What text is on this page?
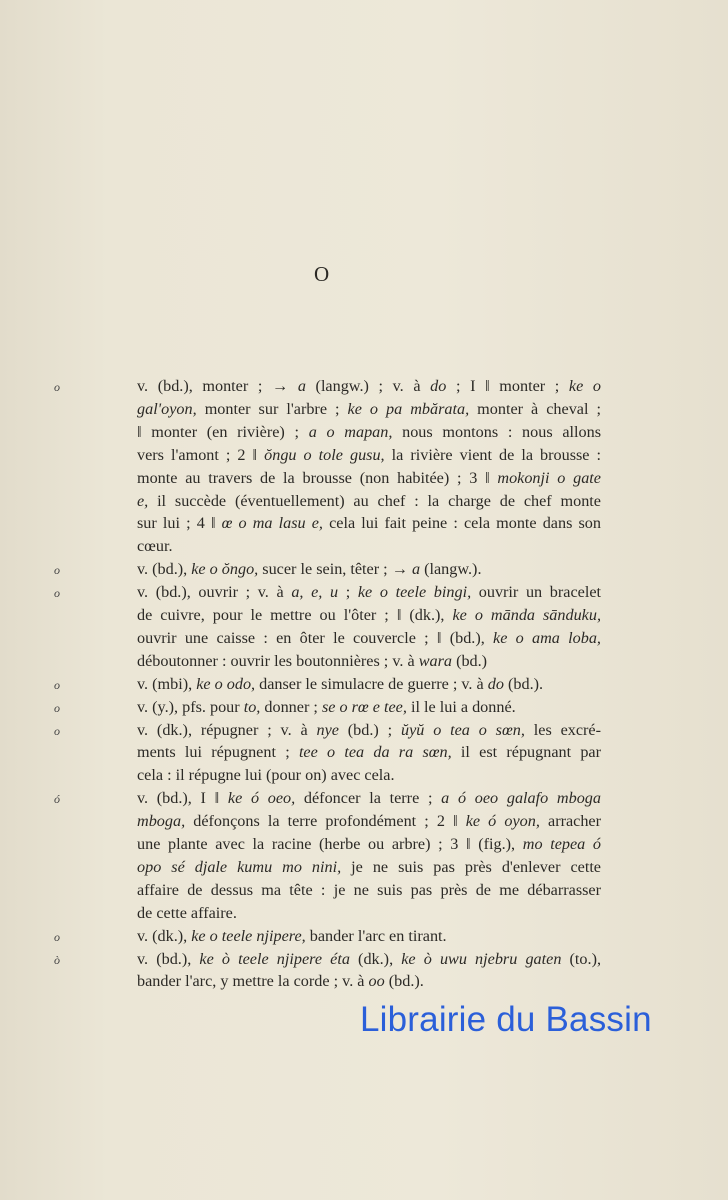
O
o	v. (bd.), monter ; → a (langw.) ; v. à do ; I ‖ monter ; ke o
gal'oyon, monter sur l'arbre ; ke o pa mbărata, monter à cheval ;
‖ monter (en rivière) ; a o mapan, nous montons : nous allons
vers l'amont ; 2 ‖ ŏngu o tole gusu, la rivière vient de la brousse :
monte au travers de la brousse (non habitée) ; 3 ‖ mokonji o gate
e, il succède (éventuellement) au chef : la charge de chef monte
sur lui ; 4 ‖ œ o ma lasu e, cela lui fait peine : cela monte dans son
cœur.
o	v. (bd.), ke o ŏngo, sucer le sein, têter ; → a (langw.).
o	v. (bd.), ouvrir ; v. à a, e, u ; ke o teele bingi, ouvrir un bracelet
de cuivre, pour le mettre ou l'ôter ; ‖ (dk.), ke o mānda sānduku,
ouvrir une caisse : en ôter le couvercle ; ‖ (bd.), ke o ama loba,
déboutonner : ouvrir les boutonnières ; v. à wara (bd.)
o	v. (mbi), ke o odo, danser le simulacre de guerre ; v. à do (bd.).
o	v. (y.), pfs. pour to, donner ; se o rœ e tee, il le lui a donné.
o	v. (dk.), répugner ; v. à nye (bd.) ; ŭyŭ o tea o sœn, les excré-
ments lui répugnent ; tee o tea da ra sœn, il est répugnant par
cela : il répugne lui (pour on) avec cela.
ó	v. (bd.), I ‖ ke ó oeo, défoncer la terre ; a ó oeo galafo mboga
mboga, défonçons la terre profondément ; 2 ‖ ke ó oyon, arracher
une plante avec la racine (herbe ou arbre) ; 3 ‖ (fig.), mo tepea ó
opo sé djale kumu mo nini, je ne suis pas près d'enlever cette
affaire de dessus ma tête : je ne suis pas près de me débarrasser
de cette affaire.
o	v. (dk.), ke o teele njipere, bander l'arc en tirant.
ò	v. (bd.), ke ò teele njipere éta (dk.), ke ò uwu njebru gaten (to.),
bander l'arc, y mettre la corde ; v. à oo (bd.).
Librairie du Bassin
